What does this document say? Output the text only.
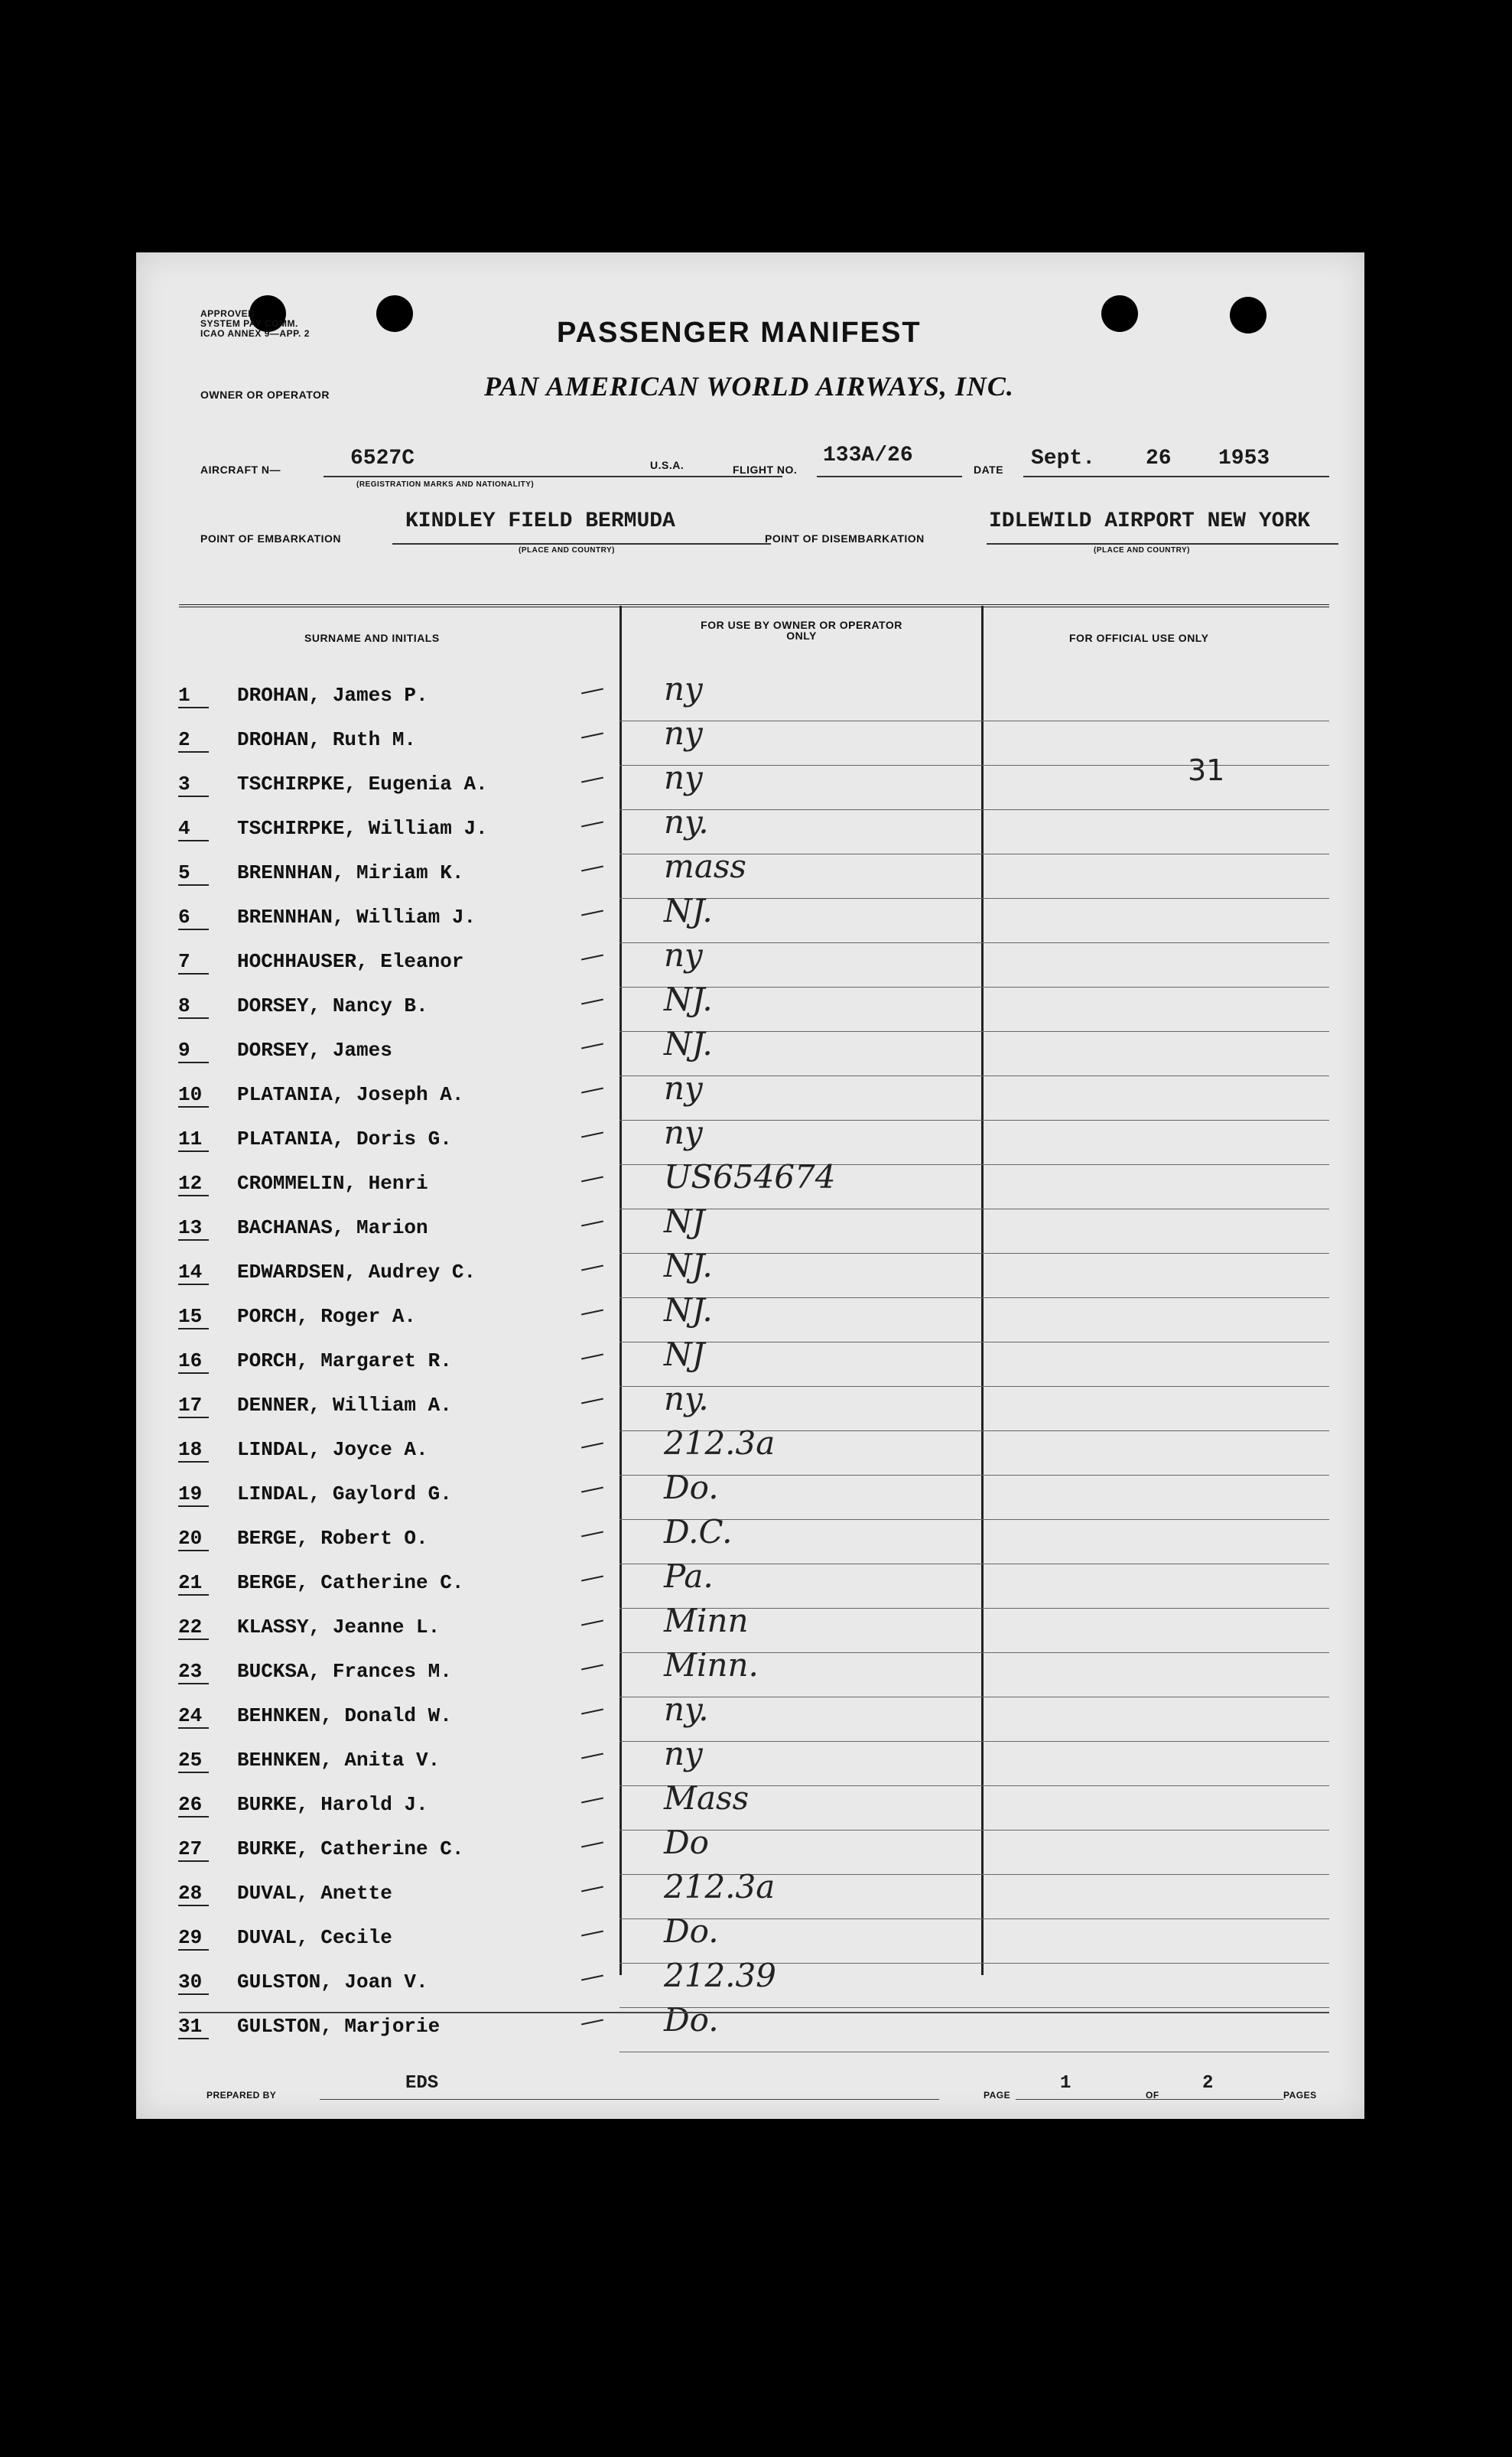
APPROVED
SYSTEM PAY COMM.
ICAO ANNEX 9—APP. 2
OWNER OR OPERATOR
PASSENGER MANIFEST
PAN AMERICAN WORLD AIRWAYS, INC.
AIRCRAFT N—	6527C
(REGISTRATION MARKS AND NATIONALITY)
U.S.A.	FLIGHT NO.
133A/26
DATE Sept. 26 1953
POINT OF EMBARKATION
KINDLEY FIELD BERMUDA
(PLACE AND COUNTRY)
POINT OF DISEMBARKATION
IDLEWILD AIRPORT NEW YORK
(PLACE AND COUNTRY)
SURNAME AND INITIALS
FOR USE BY OWNER OR OPERATOR ONLY	FOR OFFICIAL USE ONLY
1	DROHAN, James P.	— ny
2	DROHAN, Ruth M.	— ny
3	TSCHIRPKE, Eugenia A.	— ny
4	TSCHIRPKE, William J.	— ny.
5	BRENNHAN, Miriam K.	— mass
6	BRENNHAN, William J.	— NJ.
7	HOCHHAUSER, Eleanor	— ny
8	DORSEY, Nancy B.	— NJ.
9	DORSEY, James	— NJ.
10	PLATANIA, Joseph A.	— ny
11	PLATANIA, Doris G.	— ny
12	CROMMELIN, Henri	— US654674
13	BACHANAS, Marion	— NJ
14	EDWARDSEN, Audrey C.	— NJ.
15	PORCH, Roger A.	— NJ.
16	PORCH, Margaret R.	— NJ
17	DENNER, William A.	— ny.
18	LINDAL, Joyce A.	— 212.3a
19	LINDAL, Gaylord G.	— Do.
20	BERGE, Robert O.	— D.C.
21	BERGE, Catherine C.	— Pa.
22	KLASSY, Jeanne L.	— Minn
23	BUCKSA, Frances M.	— Minn.
24	BEHNKEN, Donald W.	— ny.
25	BEHNKEN, Anita V.	— ny
26	BURKE, Harold J.	— Mass
27	BURKE, Catherine C.	— Do
28	DUVAL, Anette	— 212.3a
29	DUVAL, Cecile	— Do.
30	GULSTON, Joan V.	— 212.39
31	GULSTON, Marjorie	— Do.
31
PREPARED BY
EDS
PAGE
1
OF
2
PAGES
